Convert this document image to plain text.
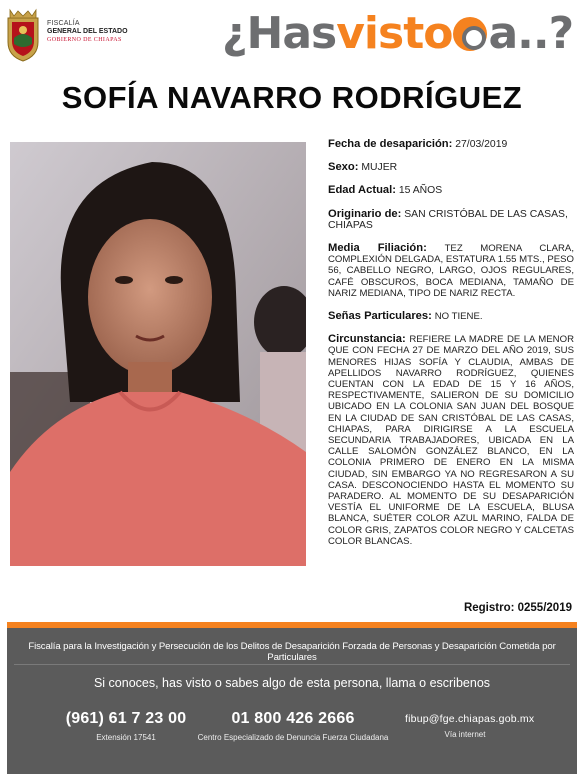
FISCALÍA
GENERAL DEL ESTADO
GOBIERNO DE CHIAPAS ¿Hasvisto a..?
SOFÍA NAVARRO RODRÍGUEZ
Fecha de desaparición: 27/03/2019
Sexo: MUJER
Edad Actual: 15 AÑOS
Originario de: SAN CRISTÓBAL DE LAS CASAS, CHIAPAS
Media Filiación: TEZ MORENA CLARA, COMPLEXIÓN DELGADA, ESTATURA 1.55 MTS., PESO 56, CABELLO NEGRO, LARGO, OJOS REGULARES, CAFÉ OBSCUROS, BOCA MEDIANA, TAMAÑO DE NARIZ MEDIANA, TIPO DE NARIZ RECTA.
Señas Particulares: NO TIENE.
Circunstancia: REFIERE LA MADRE DE LA MENOR QUE CON FECHA 27 DE MARZO DEL AÑO 2019, SUS MENORES HIJAS SOFÍA Y CLAUDIA, AMBAS DE APELLIDOS NAVARRO RODRÍGUEZ, QUIENES CUENTAN CON LA EDAD DE 15 Y 16 AÑOS, RESPECTIVAMENTE, SALIERON DE SU DOMICILIO UBICADO EN LA COLONIA SAN JUAN DEL BOSQUE EN LA CIUDAD DE SAN CRISTÓBAL DE LAS CASAS, CHIAPAS, PARA DIRIGIRSE A LA ESCUELA SECUNDARIA TRABAJADORES, UBICADA EN LA CALLE SALOMÓN GONZÁLEZ BLANCO, EN LA COLONIA PRIMERO DE ENERO EN LA MISMA CIUDAD, SIN EMBARGO YA NO REGRESARON A SU CASA. DESCONOCIENDO HASTA EL MOMENTO SU PARADERO. AL MOMENTO DE SU DESAPARICIÓN VESTÍA EL UNIFORME DE LA ESCUELA, BLUSA BLANCA, SUÉTER COLOR AZUL MARINO, FALDA DE COLOR GRIS, ZAPATOS COLOR NEGRO Y CALCETAS COLOR BLANCAS.
Registro: 0255/2019
Fiscalía para la Investigación y Persecución de los Delitos de Desaparición Forzada de Personas y Desaparición Cometida por Particulares
Si conoces, has visto o sabes algo de esta persona, llama o escribenos
(961) 61 7 23 00
Extensión 17541
01 800 426 2666
Centro Especializado de Denuncia Fuerza Ciudadana
fibup@fge.chiapas.gob.mx
Vía internet
